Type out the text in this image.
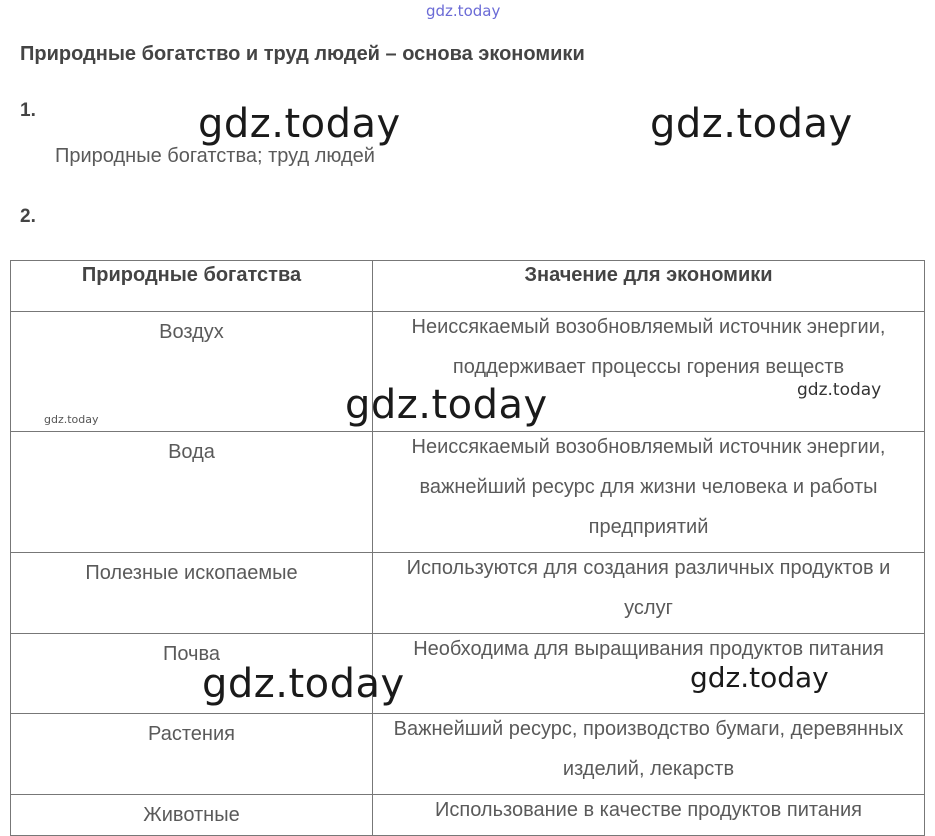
gdz.today
Природные богатство и труд людей – основа экономики
1.
Природные богатства; труд людей
2.
Природные богатства	Значение для экономики
Воздух	Неиссякаемый возобновляемый источник энергии, поддерживает процессы горения веществ

Вода	Неиссякаемый возобновляемый источник энергии, важнейший ресурс для жизни человека и работы предприятий

Полезные ископаемые	Используются для создания различных продуктов и услуг

Почва	Необходима для выращивания продуктов питания

Растения	Важнейший ресурс, производство бумаги, деревянных изделий, лекарств

Животные	Использование в качестве продуктов питания
gdz.today	gdz.today
gdz.today
gdz.today
gdz.today
gdz.today
gdz.today
